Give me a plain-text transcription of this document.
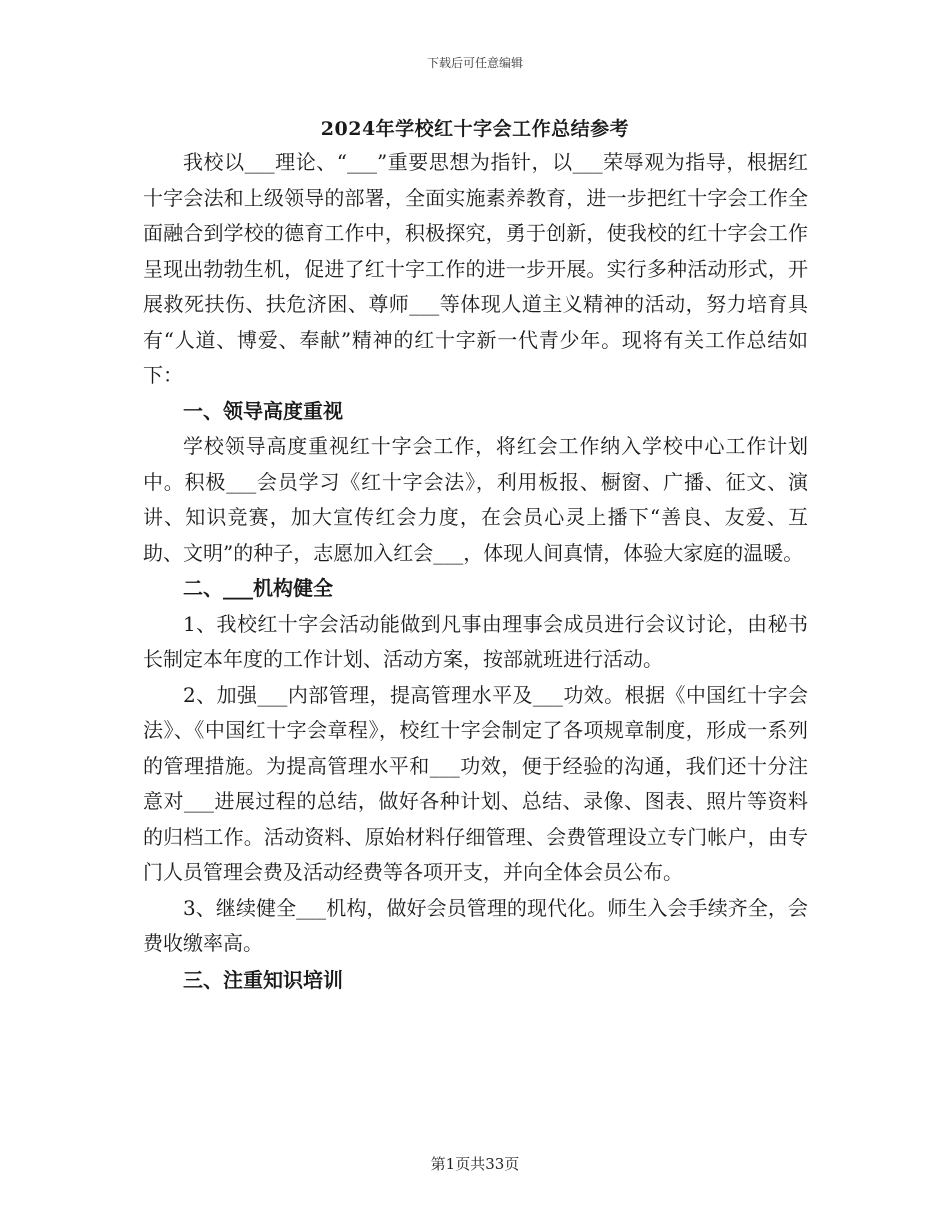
下载后可任意编辑
2024年学校红十字会工作总结参考

我校以___理论、“___”重要思想为指针，以___荣辱观为指导，根据红十字会法和上级领导的部署，全面实施素养教育，进一步把红十字会工作全面融合到学校的德育工作中，积极探究，勇于创新，使我校的红十字会工作呈现出勃勃生机，促进了红十字工作的进一步开展。实行多种活动形式，开展救死扶伤、扶危济困、尊师___等体现人道主义精神的活动，努力培育具有“人道、博爱、奉献”精神的红十字新一代青少年。现将有关工作总结如下：

一、领导高度重视

学校领导高度重视红十字会工作，将红会工作纳入学校中心工作计划中。积极___会员学习《红十字会法》，利用板报、橱窗、广播、征文、演讲、知识竞赛，加大宣传红会力度，在会员心灵上播下“善良、友爱、互助、文明”的种子，志愿加入红会___，体现人间真情，体验大家庭的温暖。

二、___机构健全

1、我校红十字会活动能做到凡事由理事会成员进行会议讨论，由秘书长制定本年度的工作计划、活动方案，按部就班进行活动。

2、加强___内部管理，提高管理水平及___功效。根据《中国红十字会法》、《中国红十字会章程》，校红十字会制定了各项规章制度，形成一系列的管理措施。为提高管理水平和___功效，便于经验的沟通，我们还十分注意对___进展过程的总结，做好各种计划、总结、录像、图表、照片等资料的归档工作。活动资料、原始材料仔细管理、会费管理设立专门帐户，由专门人员管理会费及活动经费等各项开支，并向全体会员公布。

3、继续健全___机构，做好会员管理的现代化。师生入会手续齐全，会费收缴率高。

三、注重知识培训

第1页共33页
